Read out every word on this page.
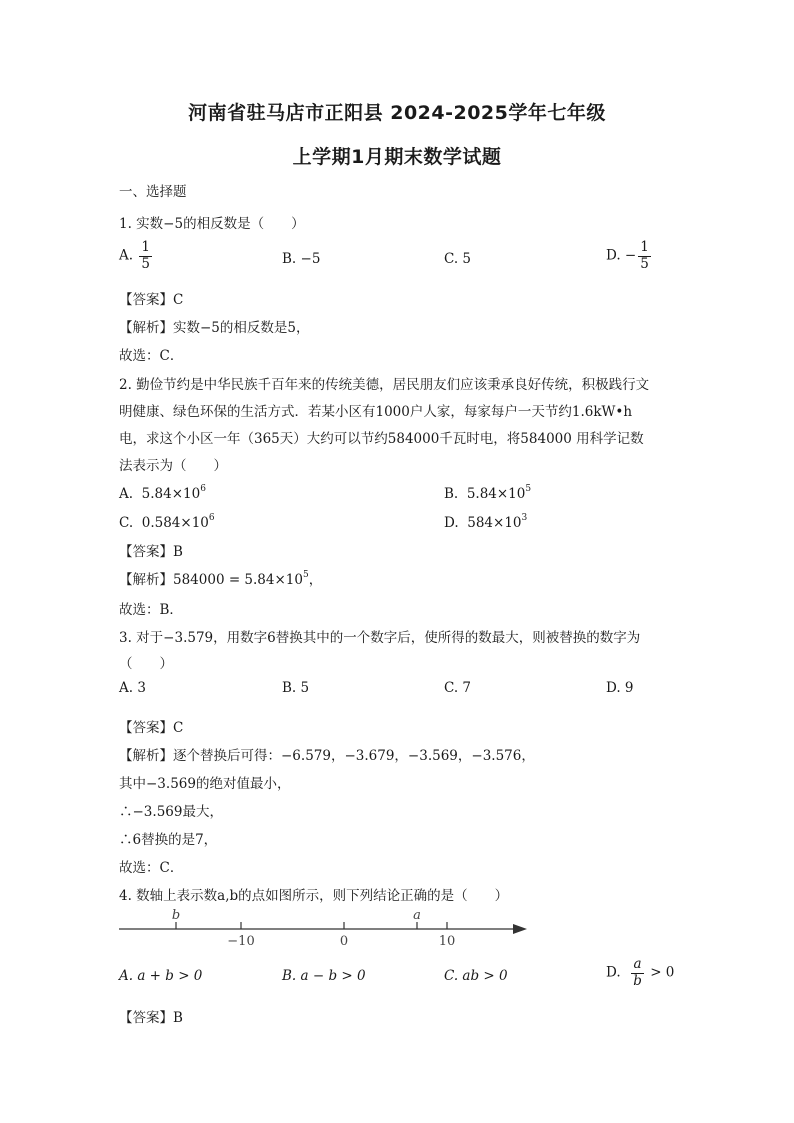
河南省驻马店市正阳县 2024-2025学年七年级
上学期1月期末数学试题
一、选择题
1. 实数−5的相反数是（　　）
A. $\frac{1}{5}$	B. −5	C. 5	D. − $\frac{1}{5}$
【答案】C
【解析】实数−5的相反数是5，
故选：C．
2. 勤俭节约是中华民族千百年来的传统美德，居民朋友们应该秉承良好传统，积极践行文
明健康、绿色环保的生活方式．若某小区有1000户人家，每家每户一天节约1.6kW•h
电，求这个小区一年（365天）大约可以节约584000千瓦时电，将584000 用科学记数
法表示为（　　）
A. $5.84\times 10^6$	B. $5.84\times 10^5$
C. $0.584\times 10^6$	D. $584\times 10^3$
【答案】B
【解析】$584000 = 5.84\times 10^5$，
故选：B．
3. 对于−3.579，用数字6替换其中的一个数字后，使所得的数最大，则被替换的数字为
（　　）
A. 3	B. 5	C. 7	D. 9
【答案】C
【解析】逐个替换后可得：−6.579，−3.679，−3.569，−3.576，
其中−3.569的绝对值最小，
∴−3.569最大，
∴6替换的是7，
故选：C．
4. 数轴上表示数a,b的点如图所示，则下列结论正确的是（　　）
b	a
−10	0	10
A. a + b > 0	B. a − b > 0	C. ab > 0	D. $\frac{a}{b} > 0$
【答案】B
